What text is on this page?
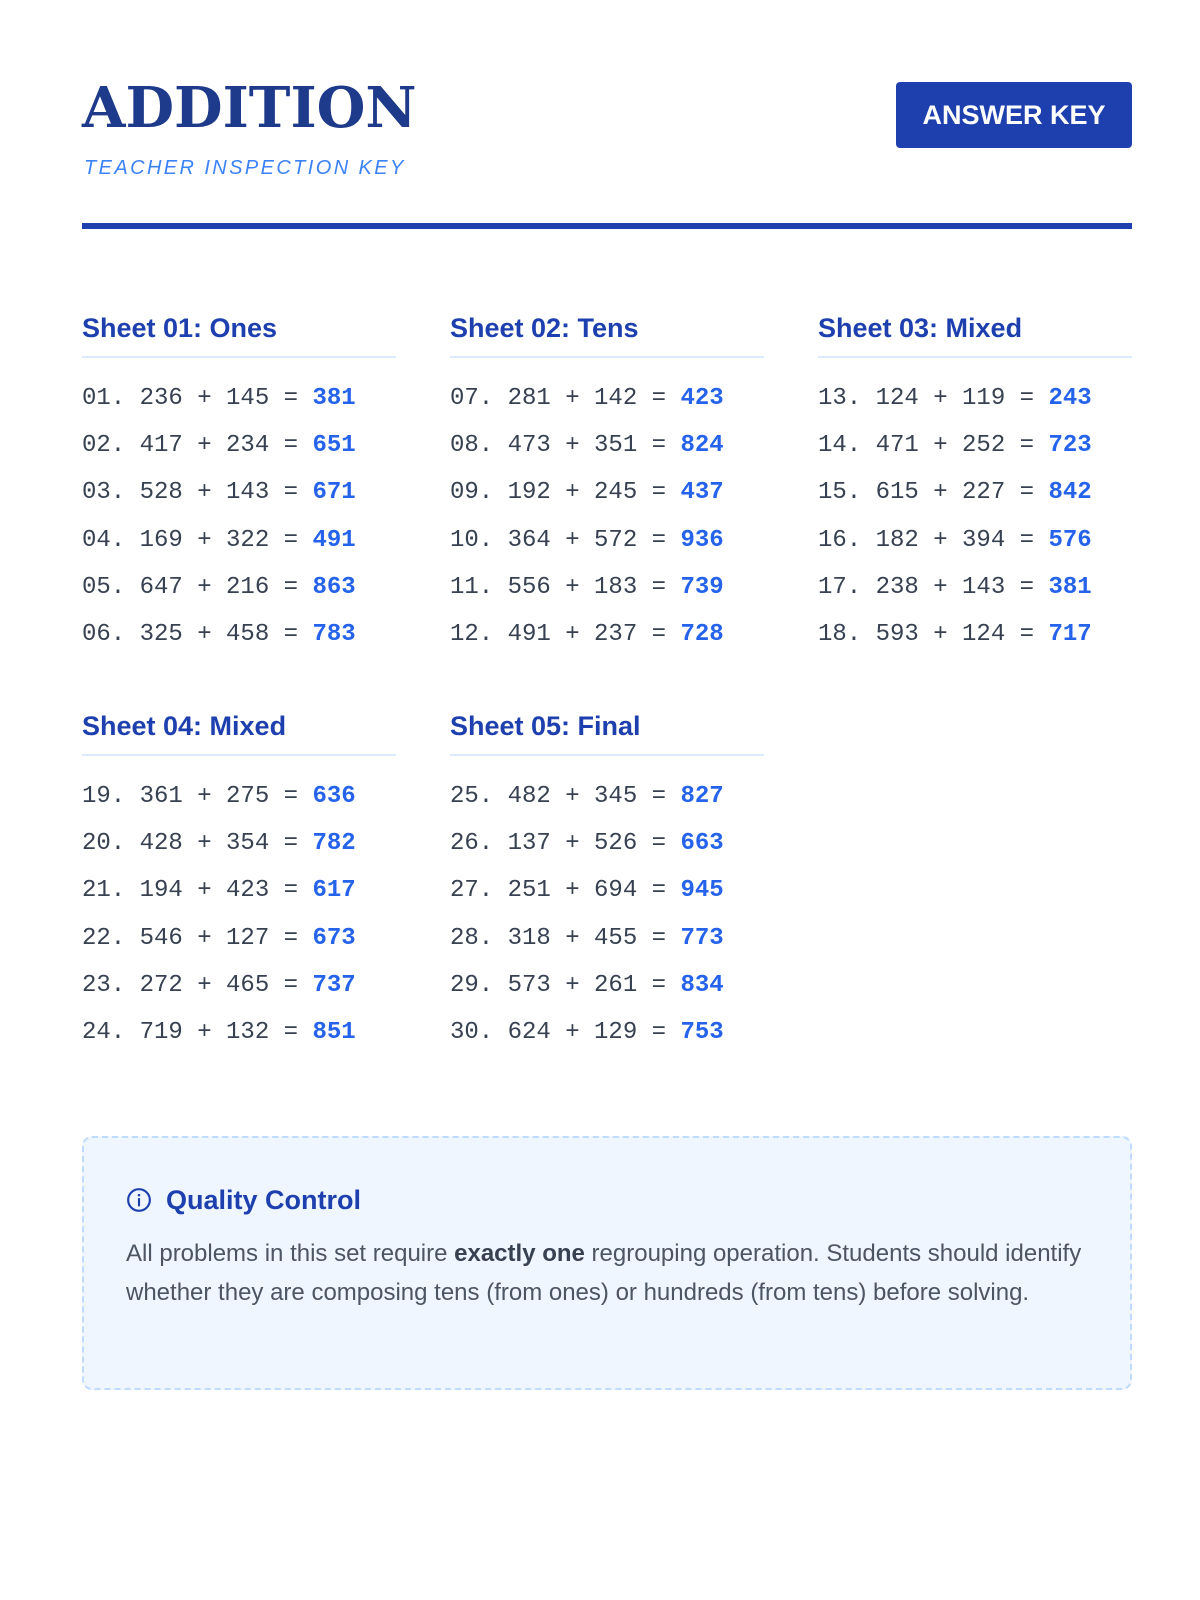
ADDITION
TEACHER INSPECTION KEY
ANSWER KEY
Sheet 01: Ones
01. 236 + 145 = 381
02. 417 + 234 = 651
03. 528 + 143 = 671
04. 169 + 322 = 491
05. 647 + 216 = 863
06. 325 + 458 = 783
Sheet 02: Tens
07. 281 + 142 = 423
08. 473 + 351 = 824
09. 192 + 245 = 437
10. 364 + 572 = 936
11. 556 + 183 = 739
12. 491 + 237 = 728
Sheet 03: Mixed
13. 124 + 119 = 243
14. 471 + 252 = 723
15. 615 + 227 = 842
16. 182 + 394 = 576
17. 238 + 143 = 381
18. 593 + 124 = 717
Sheet 04: Mixed
19. 361 + 275 = 636
20. 428 + 354 = 782
21. 194 + 423 = 617
22. 546 + 127 = 673
23. 272 + 465 = 737
24. 719 + 132 = 851
Sheet 05: Final
25. 482 + 345 = 827
26. 137 + 526 = 663
27. 251 + 694 = 945
28. 318 + 455 = 773
29. 573 + 261 = 834
30. 624 + 129 = 753
Quality Control

All problems in this set require exactly one regrouping operation. Students should identify whether they are composing tens (from ones) or hundreds (from tens) before solving.
